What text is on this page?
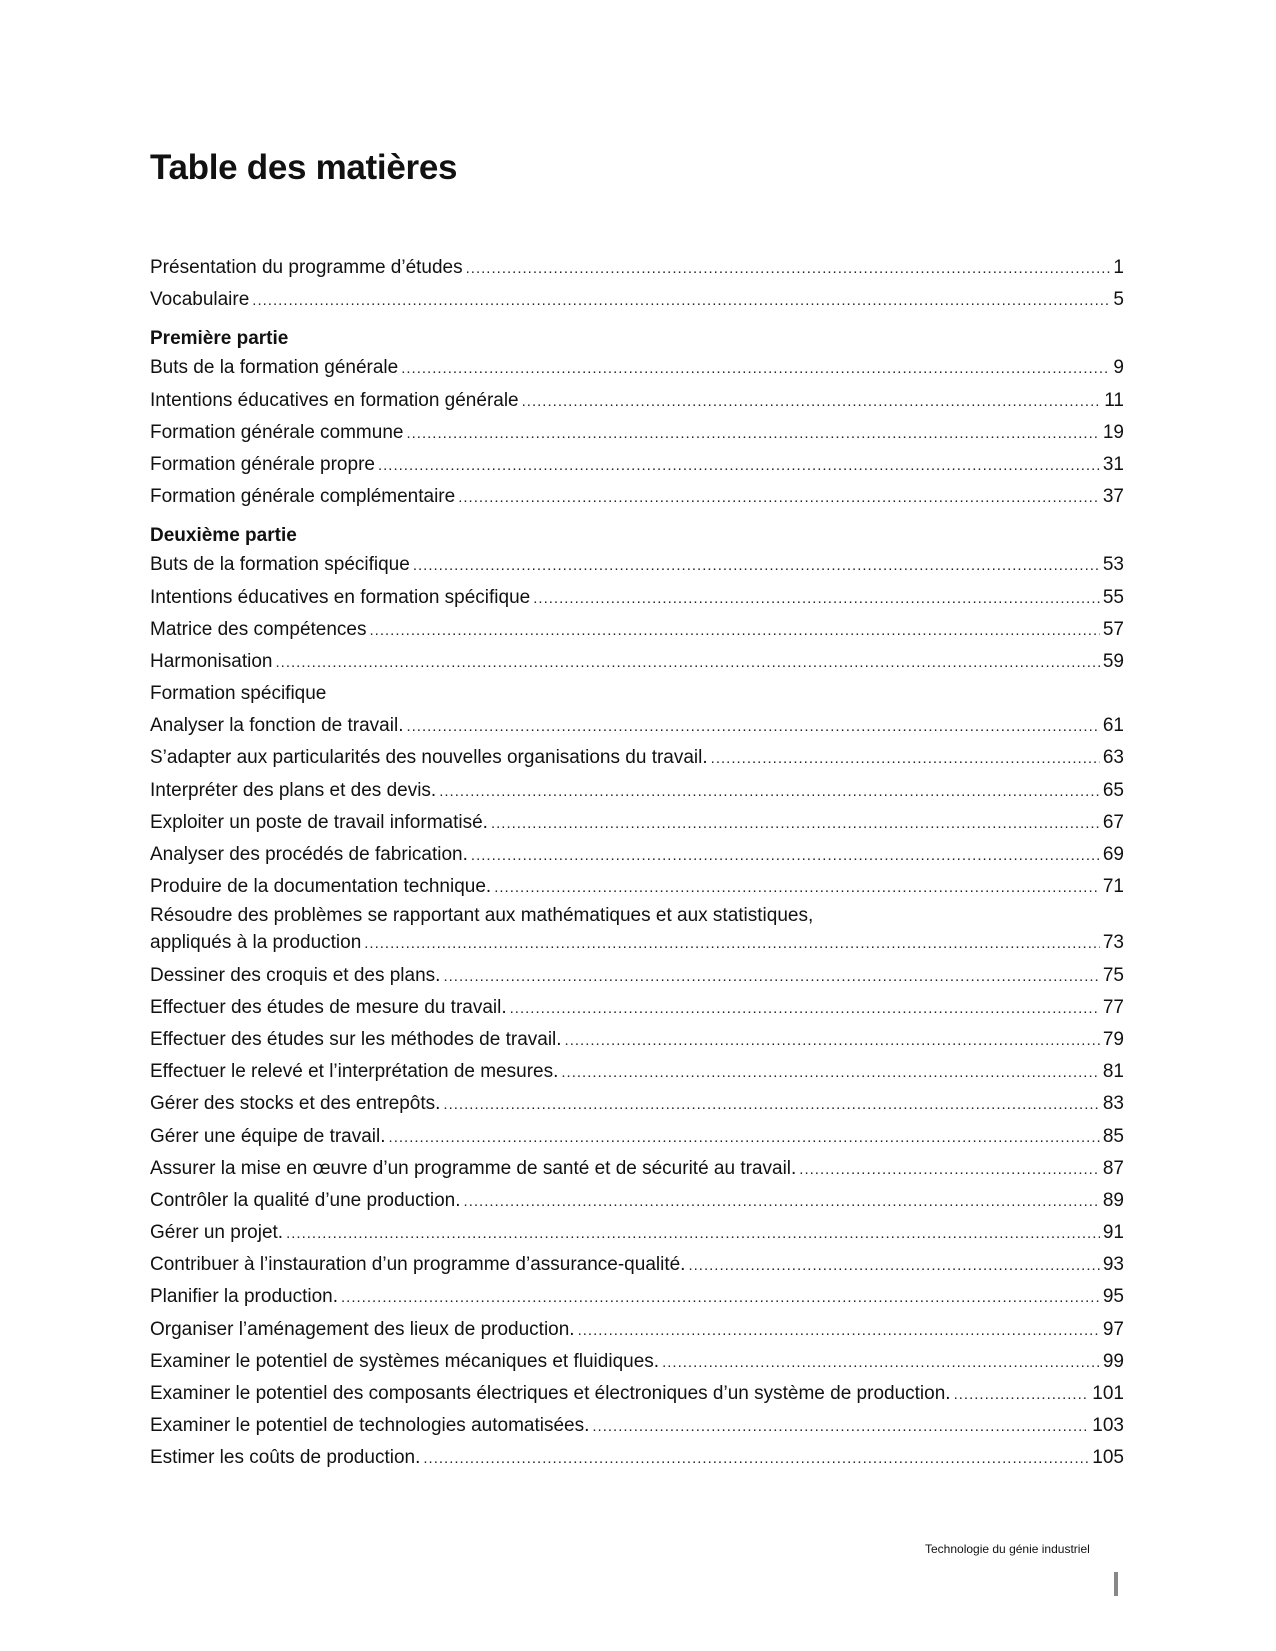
Table des matières
Présentation du programme d’études .....	1
Vocabulaire .....	5
Première partie
Buts de la formation générale .....	9
Intentions éducatives en formation générale .....	11
Formation générale commune .....	19
Formation générale propre .....	31
Formation générale complémentaire .....	37
Deuxième partie
Buts de la formation spécifique .....	53
Intentions éducatives en formation spécifique .....	55
Matrice des compétences .....	57
Harmonisation .....	59
Formation spécifique
Analyser la fonction de travail. .....	61
S’adapter aux particularités des nouvelles organisations du travail. .....	63
Interpréter des plans et des devis. .....	65
Exploiter un poste de travail informatisé. .....	67
Analyser des procédés de fabrication. .....	69
Produire de la documentation technique. .....	71
Résoudre des problèmes se rapportant aux mathématiques et aux statistiques,
appliqués à la production .....	73
Dessiner des croquis et des plans. .....	75
Effectuer des études de mesure du travail. .....	77
Effectuer des études sur les méthodes de travail. .....	79
Effectuer le relevé et l’interprétation de mesures. .....	81
Gérer des stocks et des entrepôts. .....	83
Gérer une équipe de travail. .....	85
Assurer la mise en œuvre d’un programme de santé et de sécurité au travail. .....	87
Contrôler la qualité d’une production. .....	89
Gérer un projet. .....	91
Contribuer à l’instauration d’un programme d’assurance-qualité. .....	93
Planifier la production. .....	95
Organiser l’aménagement des lieux de production. .....	97
Examiner le potentiel de systèmes mécaniques et fluidiques. .....	99
Examiner le potentiel des composants électriques et électroniques d’un système de production. .....	101
Examiner le potentiel de technologies automatisées. .....	103
Estimer les coûts de production. .....	105
Technologie du génie industriel
